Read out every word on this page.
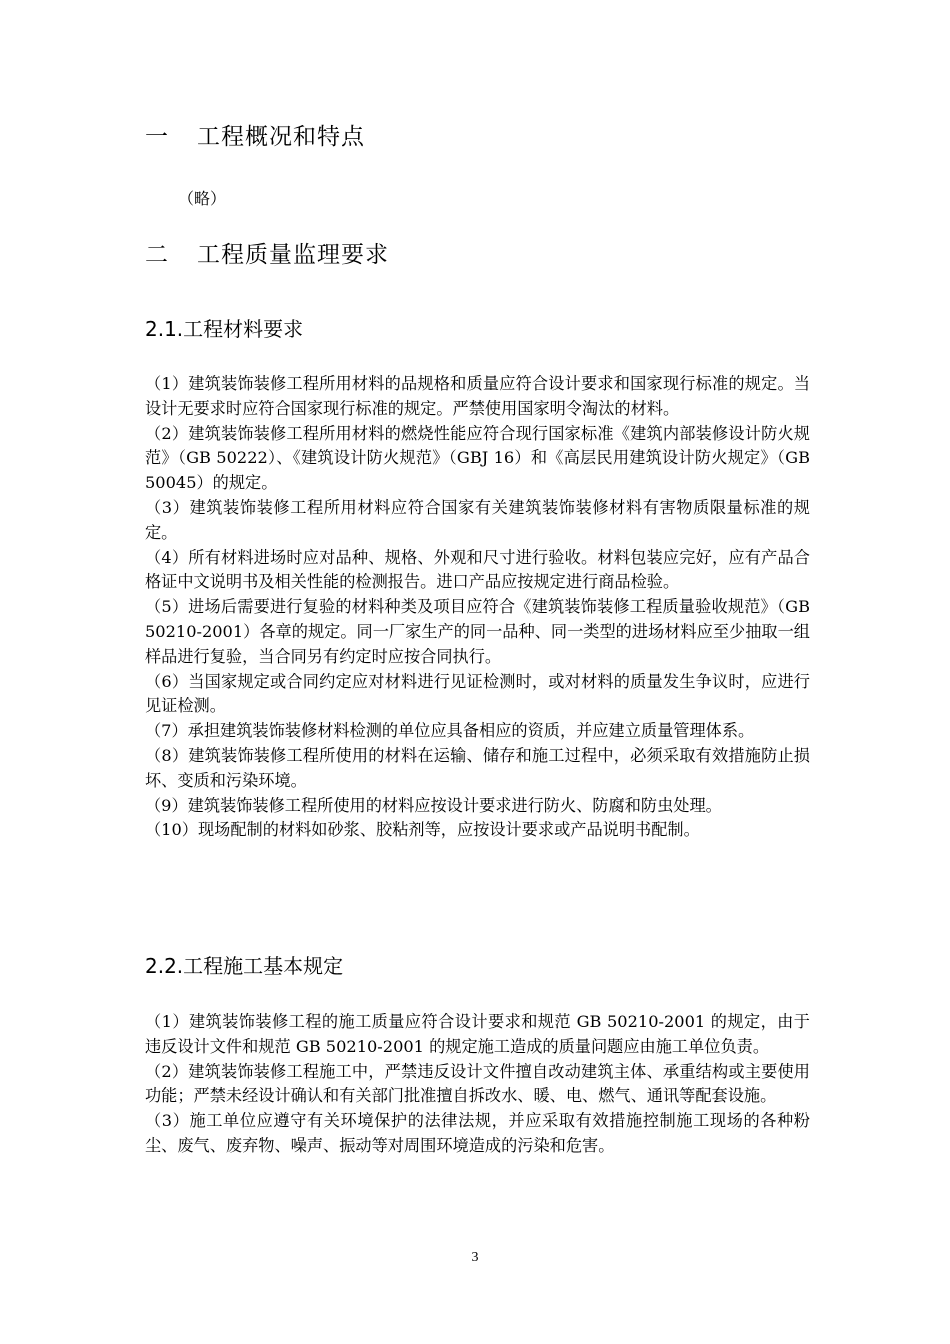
一 工程概况和特点
（略）
二 工程质量监理要求
2.1.工程材料要求

（1）建筑装饰装修工程所用材料的品规格和质量应符合设计要求和国家现行标准的规定。当设计无要求时应符合国家现行标准的规定。严禁使用国家明令淘汰的材料。

（2）建筑装饰装修工程所用材料的燃烧性能应符合现行国家标准《建筑内部装修设计防火规范》（GB 50222）、《建筑设计防火规范》（GBJ 16）和《高层民用建筑设计防火规定》（GB 50045）的规定。

（3）建筑装饰装修工程所用材料应符合国家有关建筑装饰装修材料有害物质限量标准的规定。

（4）所有材料进场时应对品种、规格、外观和尺寸进行验收。材料包装应完好，应有产品合格证中文说明书及相关性能的检测报告。进口产品应按规定进行商品检验。

（5）进场后需要进行复验的材料种类及项目应符合《建筑装饰装修工程质量验收规范》（GB 50210-2001）各章的规定。同一厂家生产的同一品种、同一类型的进场材料应至少抽取一组样品进行复验，当合同另有约定时应按合同执行。

（6）当国家规定或合同约定应对材料进行见证检测时，或对材料的质量发生争议时，应进行见证检测。

（7）承担建筑装饰装修材料检测的单位应具备相应的资质，并应建立质量管理体系。

（8）建筑装饰装修工程所使用的材料在运输、储存和施工过程中，必须采取有效措施防止损坏、变质和污染环境。

（9）建筑装饰装修工程所使用的材料应按设计要求进行防火、防腐和防虫处理。

（10）现场配制的材料如砂浆、胶粘剂等，应按设计要求或产品说明书配制。

2.2.工程施工基本规定

（1）建筑装饰装修工程的施工质量应符合设计要求和规范 GB 50210-2001 的规定，由于违反设计文件和规范 GB 50210-2001 的规定施工造成的质量问题应由施工单位负责。

（2）建筑装饰装修工程施工中，严禁违反设计文件擅自改动建筑主体、承重结构或主要使用功能；严禁未经设计确认和有关部门批准擅自拆改水、暖、电、燃气、通讯等配套设施。

（3）施工单位应遵守有关环境保护的法律法规，并应采取有效措施控制施工现场的各种粉尘、废气、废弃物、噪声、振动等对周围环境造成的污染和危害。

3
